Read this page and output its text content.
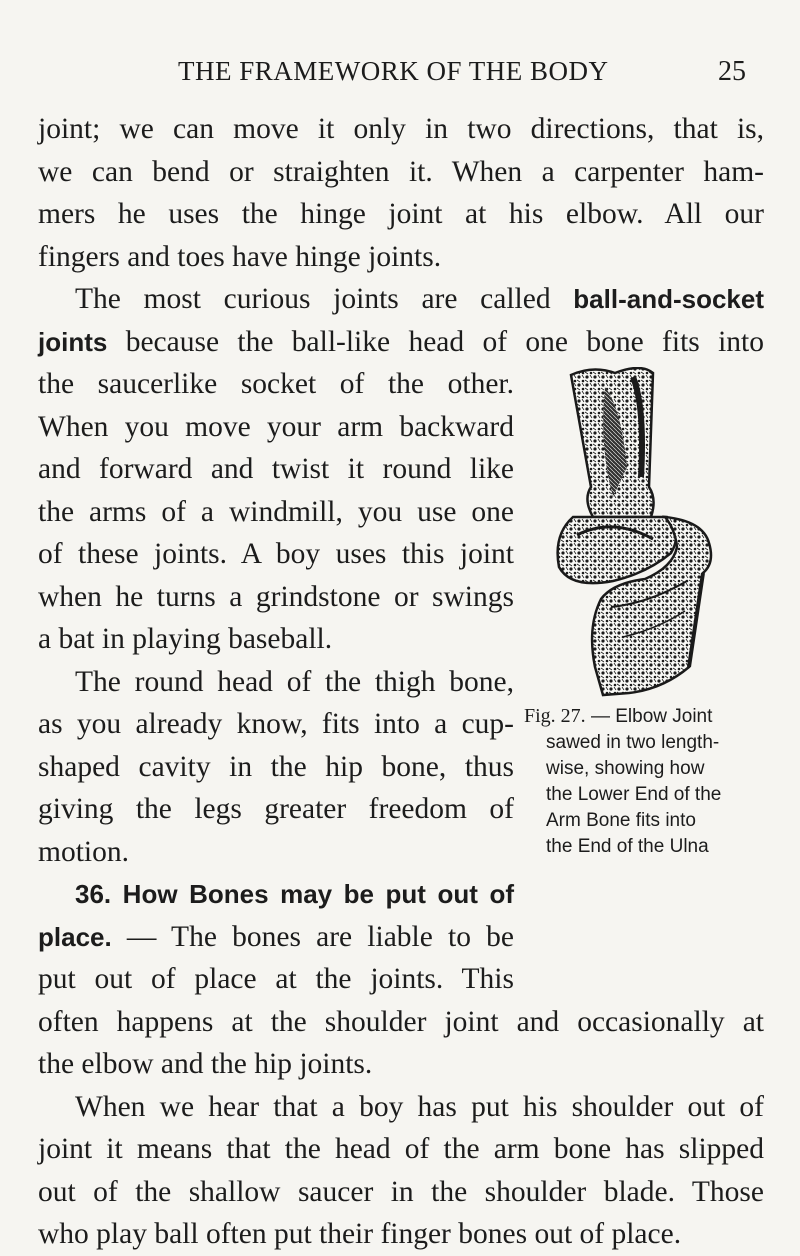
THE FRAMEWORK OF THE BODY	25

joint; we can move it only in two directions, that is,
we can bend or straighten it. When a carpenter ham-
mers he uses the hinge joint at his elbow. All our
fingers and toes have hinge joints.

The most curious joints are called ball-and-socket
joints because the ball-like head of one bone fits into
the saucerlike socket of the other.
When you move your arm backward
and forward and twist it round like
the arms of a windmill, you use one
of these joints. A boy uses this joint
when he turns a grindstone or swings
a bat in playing baseball.

The round head of the thigh bone,
as you already know, fits into a cup-
shaped cavity in the hip bone, thus
giving the legs greater freedom of
motion.

36. How Bones may be put out of
place. — The bones are liable to be
put out of place at the joints. This
often happens at the shoulder joint and occasionally at
the elbow and the hip joints.

When we hear that a boy has put his shoulder out of
joint it means that the head of the arm bone has slipped
out of the shallow saucer in the shoulder blade. Those
who play ball often put their finger bones out of place.

Fig. 27. — Elbow Joint
sawed in two length-
wise, showing how
the Lower End of the
Arm Bone fits into
the End of the Ulna
